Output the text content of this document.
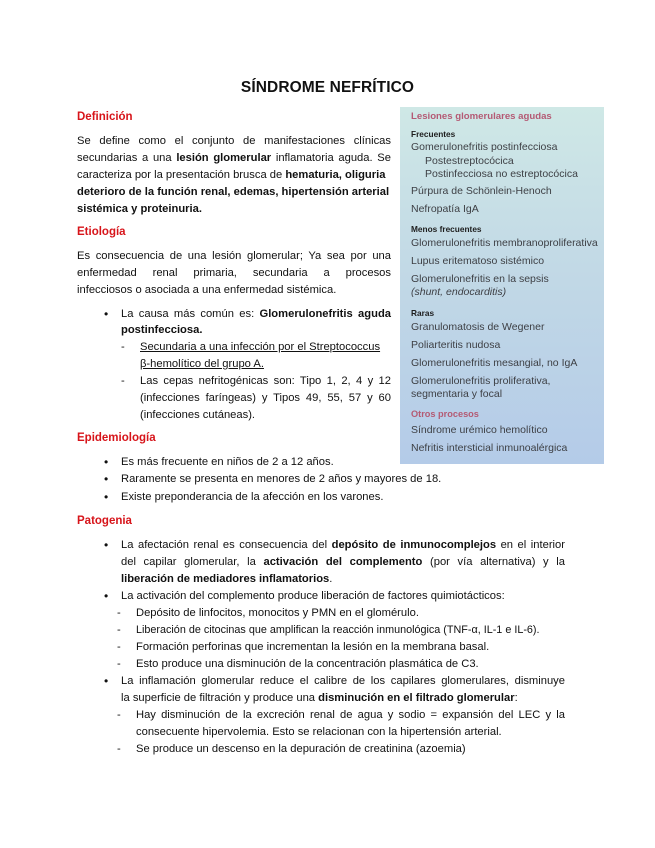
SÍNDROME NEFRÍTICO
Definición
Se define como el conjunto de manifestaciones clínicas
secundarias a una lesión glomerular inflamatoria aguda. Se
caracteriza por la presentación brusca de hematuria, oliguria
deterioro de la función renal, edemas, hipertensión arterial
sistémica y proteinuria.
Etiología
Es consecuencia de una lesión glomerular; Ya sea por una
enfermedad renal primaria, secundaria a procesos
infecciosos o asociada a una enfermedad sistémica.
• La causa más común es: Glomerulonefritis aguda
postinfecciosa.
- Secundaria a una infección por el Streptococcus
β-hemolítico del grupo A.
- Las cepas nefritogénicas son: Tipo 1, 2, 4 y 12
(infecciones faríngeas) y Tipos 49, 55, 57 y 60
(infecciones cutáneas).
Epidemiología
• Es más frecuente en niños de 2 a 12 años.
• Raramente se presenta en menores de 2 años y mayores de 18.
• Existe preponderancia de la afección en los varones.
Patogenia
• La afectación renal es consecuencia del depósito de inmunocomplejos en el interior
del capilar glomerular, la activación del complemento (por vía alternativa) y la
liberación de mediadores inflamatorios.
• La activación del complemento produce liberación de factores quimiotácticos:
- Depósito de linfocitos, monocitos y PMN en el glomérulo.
- Liberación de citocinas que amplifican la reacción inmunológica (TNF-α, IL-1 e IL-6).
- Formación perforinas que incrementan la lesión en la membrana basal.
- Esto produce una disminución de la concentración plasmática de C3.
• La inflamación glomerular reduce el calibre de los capilares glomerulares, disminuye
la superficie de filtración y produce una disminución en el filtrado glomerular:
- Hay disminución de la excreción renal de agua y sodio = expansión del LEC y la
consecuente hipervolemia. Esto se relacionan con la hipertensión arterial.
- Se produce un descenso en la depuración de creatinina (azoemia)
Lesiones glomerulares agudas
Frecuentes
Gomerulonefritis postinfecciosa
Postestreptocócica
Postinfecciosa no estreptocócica
Púrpura de Schönlein-Henoch
Nefropatía IgA
Menos frecuentes
Glomerulonefritis membranoproliferativa
Lupus eritematoso sistémico
Glomerulonefritis en la sepsis
(shunt, endocarditis)
Raras
Granulomatosis de Wegener
Poliarteritis nudosa
Glomerulonefritis mesangial, no IgA
Glomerulonefritis proliferativa,
segmentaria y focal
Otros procesos
Síndrome urémico hemolítico
Nefritis intersticial inmunoalérgica
